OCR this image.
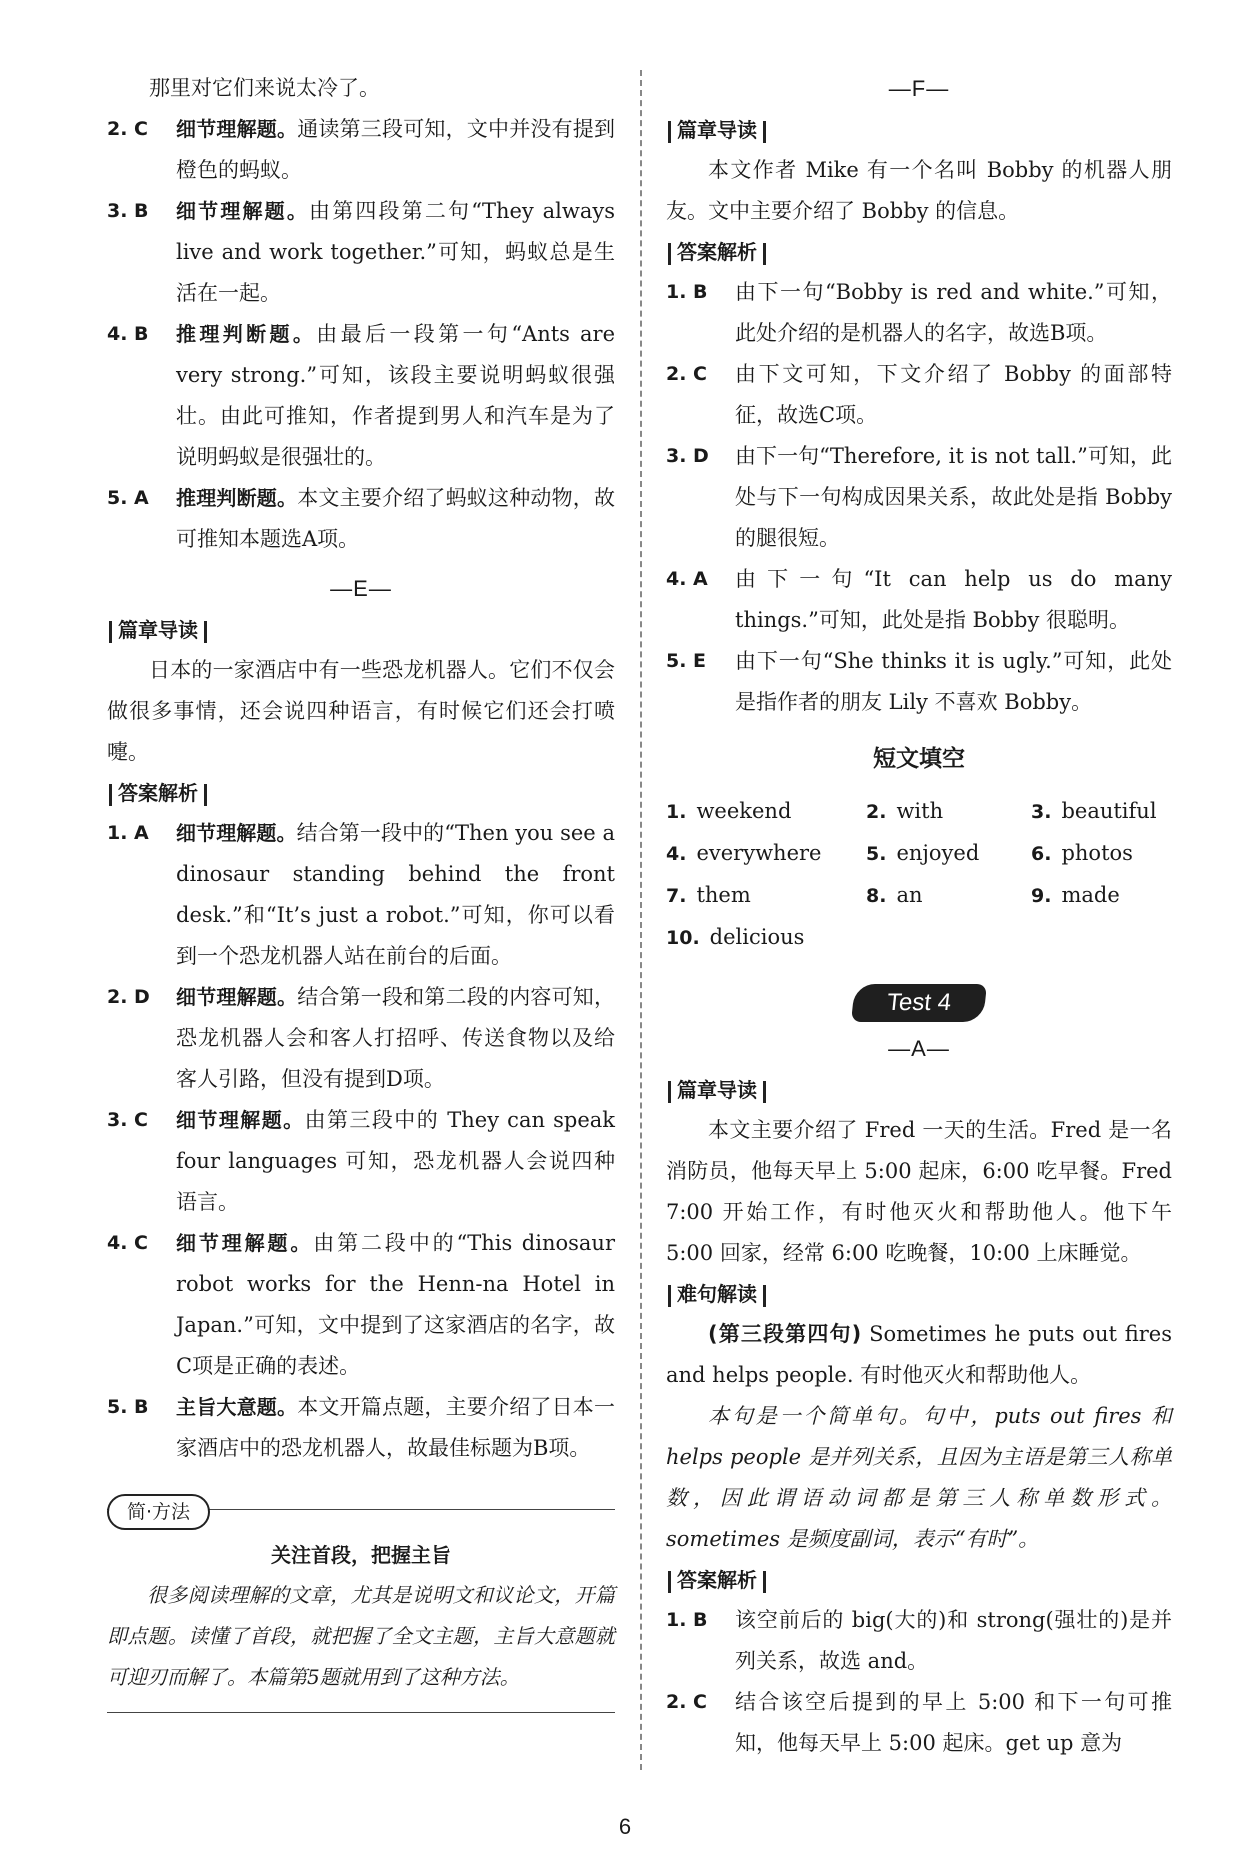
那里对它们来说太冷了。
2. C 细节理解题。通读第三段可知，文中并没有提到橙色的蚂蚁。
3. B 细节理解题。由第四段第二句“They always live and work together.”可知，蚂蚁总是生活在一起。
4. B 推理判断题。由最后一段第一句“Ants are very strong.”可知，该段主要说明蚂蚁很强壮。由此可推知，作者提到男人和汽车是为了说明蚂蚁是很强壮的。
5. A 推理判断题。本文主要介绍了蚂蚁这种动物，故可推知本题选A项。
—E—
篇章导读
日本的一家酒店中有一些恐龙机器人。它们不仅会做很多事情，还会说四种语言，有时候它们还会打喷嚏。
答案解析
1. A 细节理解题。结合第一段中的“Then you see a dinosaur standing behind the front desk.”和“It’s just a robot.”可知，你可以看到一个恐龙机器人站在前台的后面。
2. D 细节理解题。结合第一段和第二段的内容可知，恐龙机器人会和客人打招呼、传送食物以及给客人引路，但没有提到D项。
3. C 细节理解题。由第三段中的 They can speak four languages 可知，恐龙机器人会说四种语言。
4. C 细节理解题。由第二段中的“This dinosaur robot works for the Henn-na Hotel in Japan.”可知，文中提到了这家酒店的名字，故C项是正确的表述。
5. B 主旨大意题。本文开篇点题，主要介绍了日本一家酒店中的恐龙机器人，故最佳标题为B项。
简·方法
关注首段，把握主旨
很多阅读理解的文章，尤其是说明文和议论文，开篇即点题。读懂了首段，就把握了全文主题，主旨大意题就可迎刃而解了。本篇第5题就用到了这种方法。
—F—
篇章导读
本文作者 Mike 有一个名叫 Bobby 的机器人朋友。文中主要介绍了 Bobby 的信息。
答案解析
1. B 由下一句“Bobby is red and white.”可知，此处介绍的是机器人的名字，故选B项。
2. C 由下文可知，下文介绍了 Bobby 的面部特征，故选C项。
3. D 由下一句“Therefore, it is not tall.”可知，此处与下一句构成因果关系，故此处是指 Bobby 的腿很短。
4. A 由下一句“It can help us do many things.”可知，此处是指 Bobby 很聪明。
5. E 由下一句“She thinks it is ugly.”可知，此处是指作者的朋友 Lily 不喜欢 Bobby。
短文填空
1. weekend	2. with	3. beautiful
4. everywhere	5. enjoyed	6. photos
7. them	8. an	9. made
10. delicious
Test 4
—A—
篇章导读
本文主要介绍了 Fred 一天的生活。Fred 是一名消防员，他每天早上 5:00 起床，6:00 吃早餐。Fred 7:00 开始工作，有时他灭火和帮助他人。他下午 5:00 回家，经常 6:00 吃晚餐，10:00 上床睡觉。
难句解读
(第三段第四句) Sometimes he puts out fires and helps people. 有时他灭火和帮助他人。
本句是一个简单句。句中，puts out fires 和 helps people 是并列关系，且因为主语是第三人称单数，因此谓语动词都是第三人称单数形式。sometimes 是频度副词，表示“有时”。
答案解析
1. B 该空前后的 big(大的)和 strong(强壮的)是并列关系，故选 and。
2. C 结合该空后提到的早上 5:00 和下一句可推知，他每天早上 5:00 起床。get up 意为
6
